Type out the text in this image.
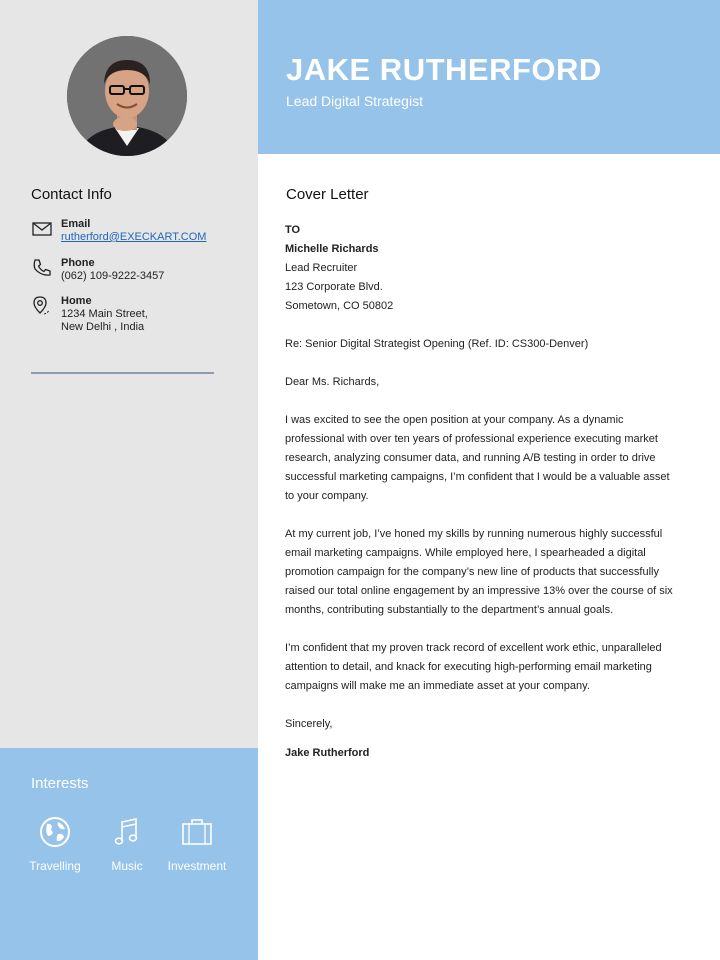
JAKE RUTHERFORD
Lead Digital Strategist
Contact Info
Email
rutherford@EXECKART.COM
Phone
(062) 109-9222-3457
Home
1234 Main Street,
New Delhi , India
Interests
Travelling	Music	Investment
Cover Letter

TO

Michelle Richards

Lead Recruiter

123 Corporate Blvd.

Sometown, CO 50802

Re: Senior Digital Strategist Opening (Ref. ID: CS300-Denver)

Dear Ms. Richards,

I was excited to see the open position at your company. As a dynamic professional with over ten years of professional experience executing market research, analyzing consumer data, and running A/B testing in order to drive successful marketing campaigns, I’m confident that I would be a valuable asset to your company.

At my current job, I’ve honed my skills by running numerous highly successful email marketing campaigns. While employed here, I spearheaded a digital promotion campaign for the company’s new line of products that successfully raised our total online engagement by an impressive 13% over the course of six months, contributing substantially to the department’s annual goals.

I’m confident that my proven track record of excellent work ethic, unparalleled attention to detail, and knack for executing high-performing email marketing campaigns will make me an immediate asset at your company.

Sincerely,

Jake Rutherford
